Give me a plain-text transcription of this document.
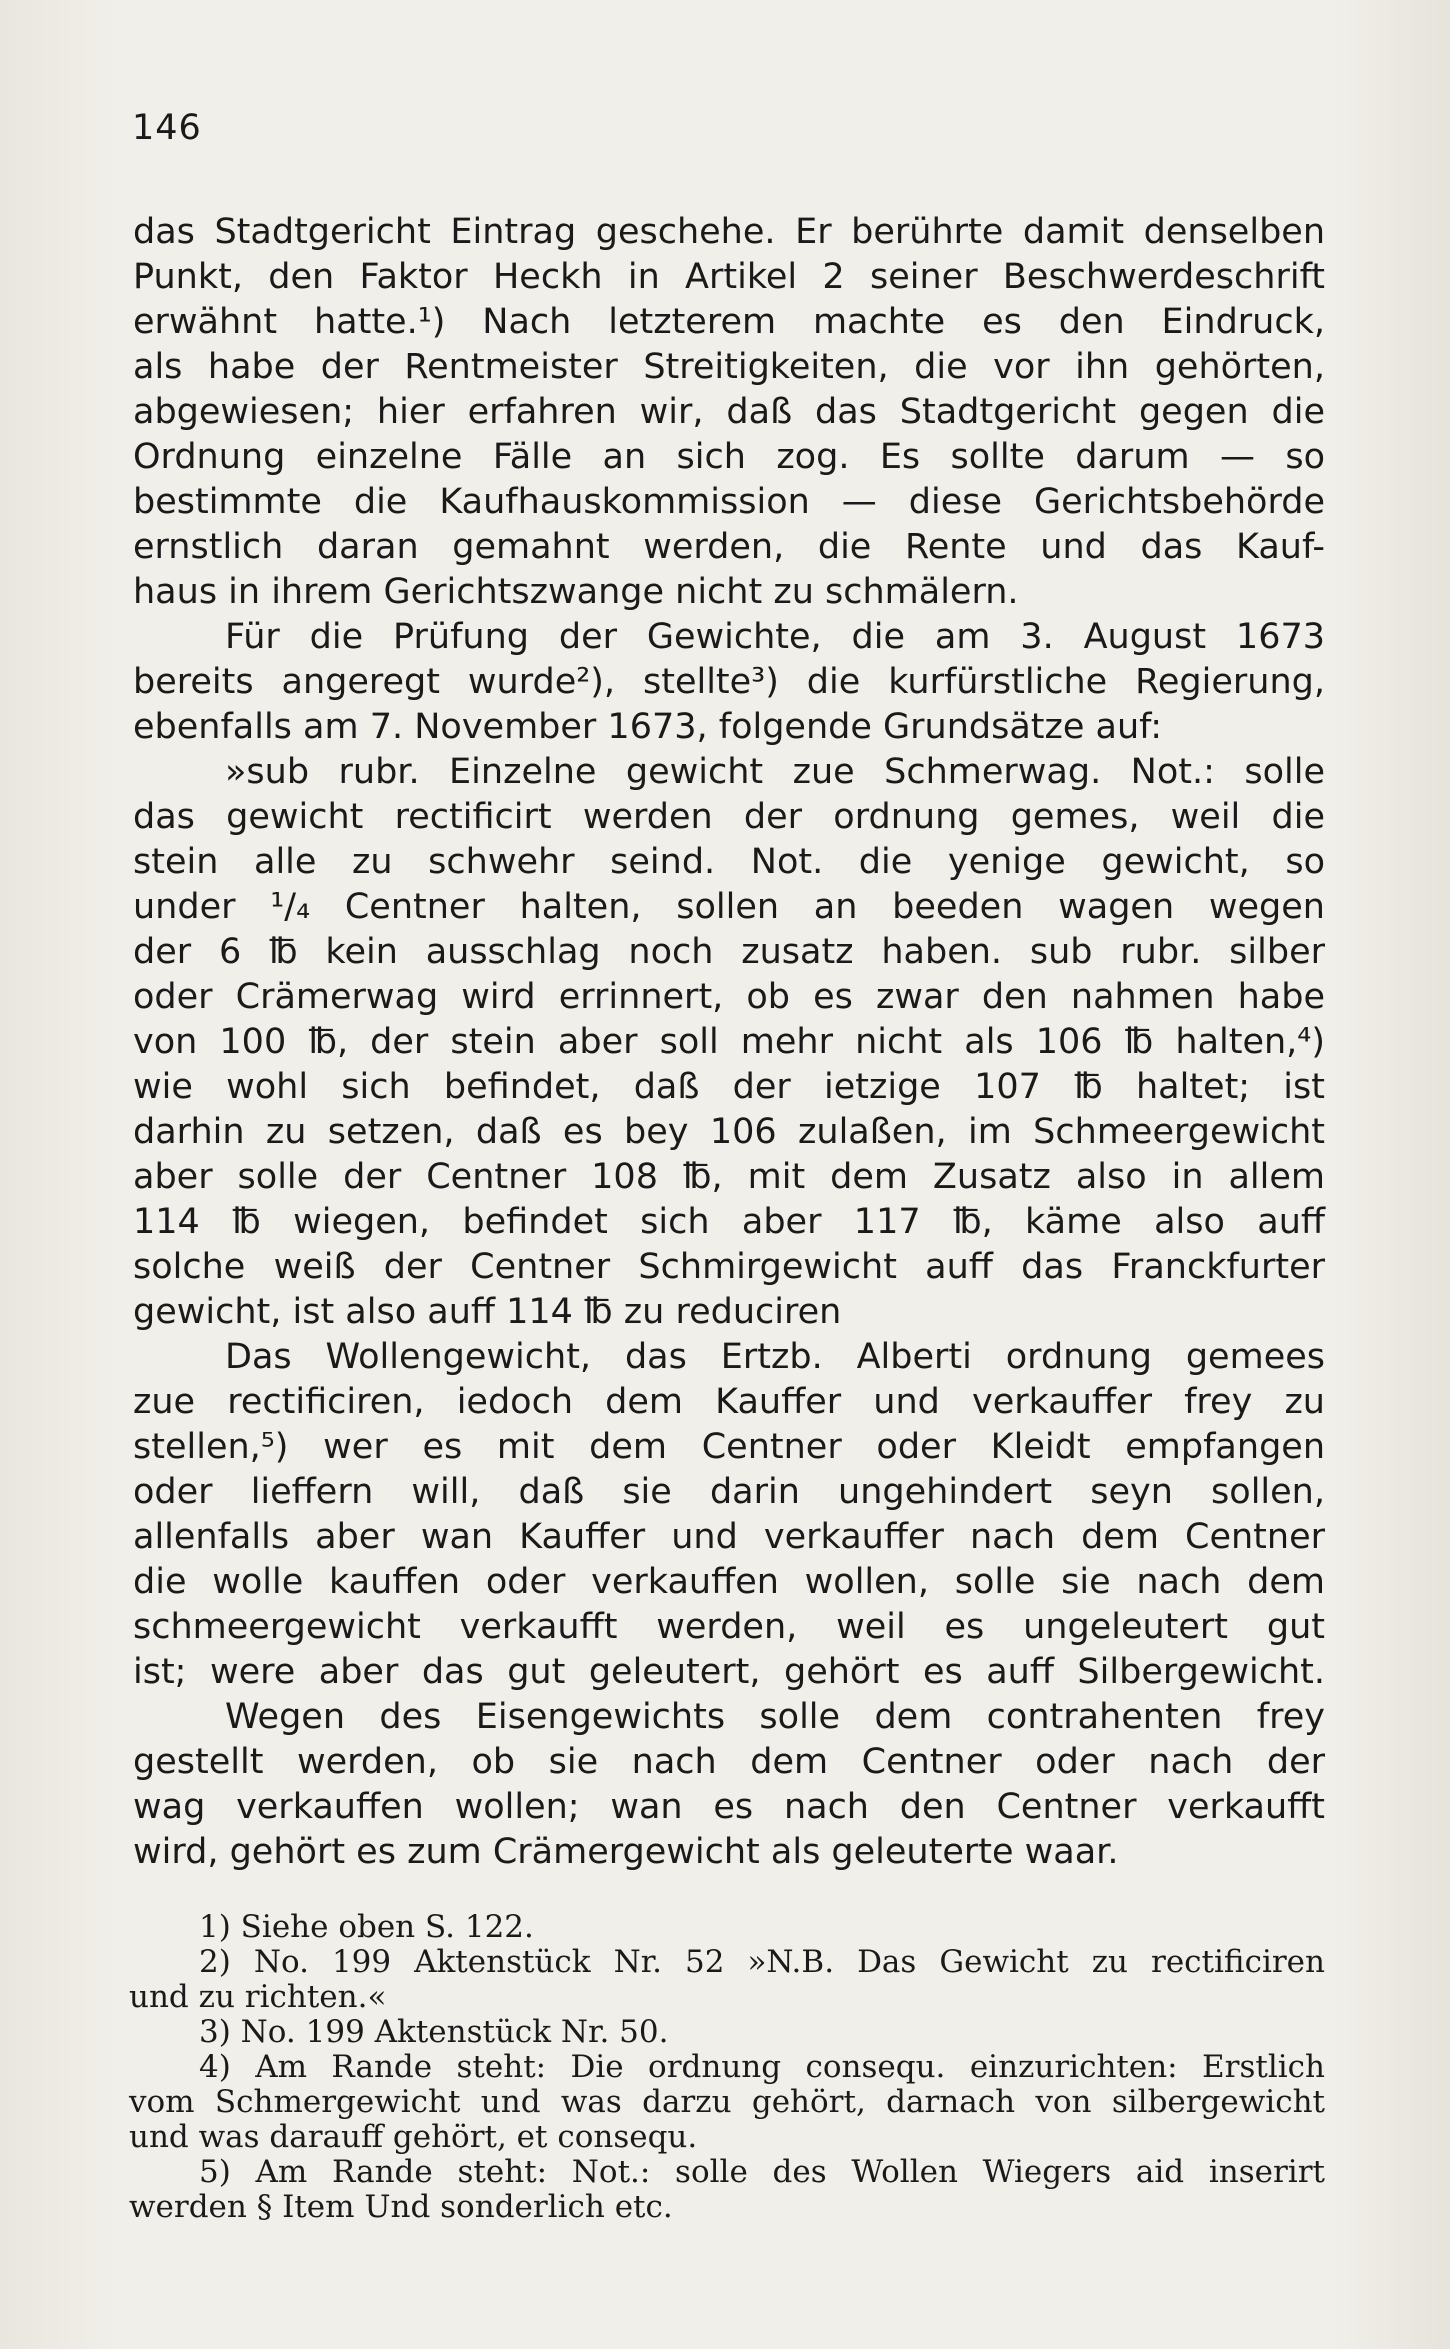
146
das Stadtgericht Eintrag geschehe. Er berührte damit denselben
Punkt, den Faktor Heckh in Artikel 2 seiner Beschwerdeschrift
erwähnt hatte.¹) Nach letzterem machte es den Eindruck,
als habe der Rentmeister Streitigkeiten, die vor ihn gehörten,
abgewiesen; hier erfahren wir, daß das Stadtgericht gegen die
Ordnung einzelne Fälle an sich zog. Es sollte darum — so
bestimmte die Kaufhauskommission — diese Gerichtsbehörde
ernstlich daran gemahnt werden, die Rente und das Kauf-
haus in ihrem Gerichtszwange nicht zu schmälern.
Für die Prüfung der Gewichte, die am 3. August 1673
bereits angeregt wurde²), stellte³) die kurfürstliche Regierung,
ebenfalls am 7. November 1673, folgende Grundsätze auf:
»sub rubr. Einzelne gewicht zue Schmerwag. Not.: solle
das gewicht rectificirt werden der ordnung gemes, weil die
stein alle zu schwehr seind. Not. die yenige gewicht, so
under ¹/₄ Centner halten, sollen an beeden wagen wegen
der 6 ℔ kein ausschlag noch zusatz haben. sub rubr. silber
oder Crämerwag wird errinnert, ob es zwar den nahmen habe
von 100 ℔, der stein aber soll mehr nicht als 106 ℔ halten,⁴)
wie wohl sich befindet, daß der ietzige 107 ℔ haltet; ist
darhin zu setzen, daß es bey 106 zulaßen, im Schmeergewicht
aber solle der Centner 108 ℔, mit dem Zusatz also in allem
114 ℔ wiegen, befindet sich aber 117 ℔, käme also auff
solche weiß der Centner Schmirgewicht auff das Franckfurter
gewicht, ist also auff 114 ℔ zu reduciren
Das Wollengewicht, das Ertzb. Alberti ordnung gemees
zue rectificiren, iedoch dem Kauffer und verkauffer frey zu
stellen,⁵) wer es mit dem Centner oder Kleidt empfangen
oder lieffern will, daß sie darin ungehindert seyn sollen,
allenfalls aber wan Kauffer und verkauffer nach dem Centner
die wolle kauffen oder verkauffen wollen, solle sie nach dem
schmeergewicht verkaufft werden, weil es ungeleutert gut
ist; were aber das gut geleutert, gehört es auff Silbergewicht.
Wegen des Eisengewichts solle dem contrahenten frey
gestellt werden, ob sie nach dem Centner oder nach der
wag verkauffen wollen; wan es nach den Centner verkaufft
wird, gehört es zum Crämergewicht als geleuterte waar.
1) Siehe oben S. 122.
2) No. 199 Aktenstück Nr. 52 »N.B. Das Gewicht zu rectificiren
und zu richten.«
3) No. 199 Aktenstück Nr. 50.
4) Am Rande steht: Die ordnung consequ. einzurichten: Erstlich
vom Schmergewicht und was darzu gehört, darnach von silbergewicht
und was darauff gehört, et consequ.
5) Am Rande steht: Not.: solle des Wollen Wiegers aid inserirt
werden § Item Und sonderlich etc.
